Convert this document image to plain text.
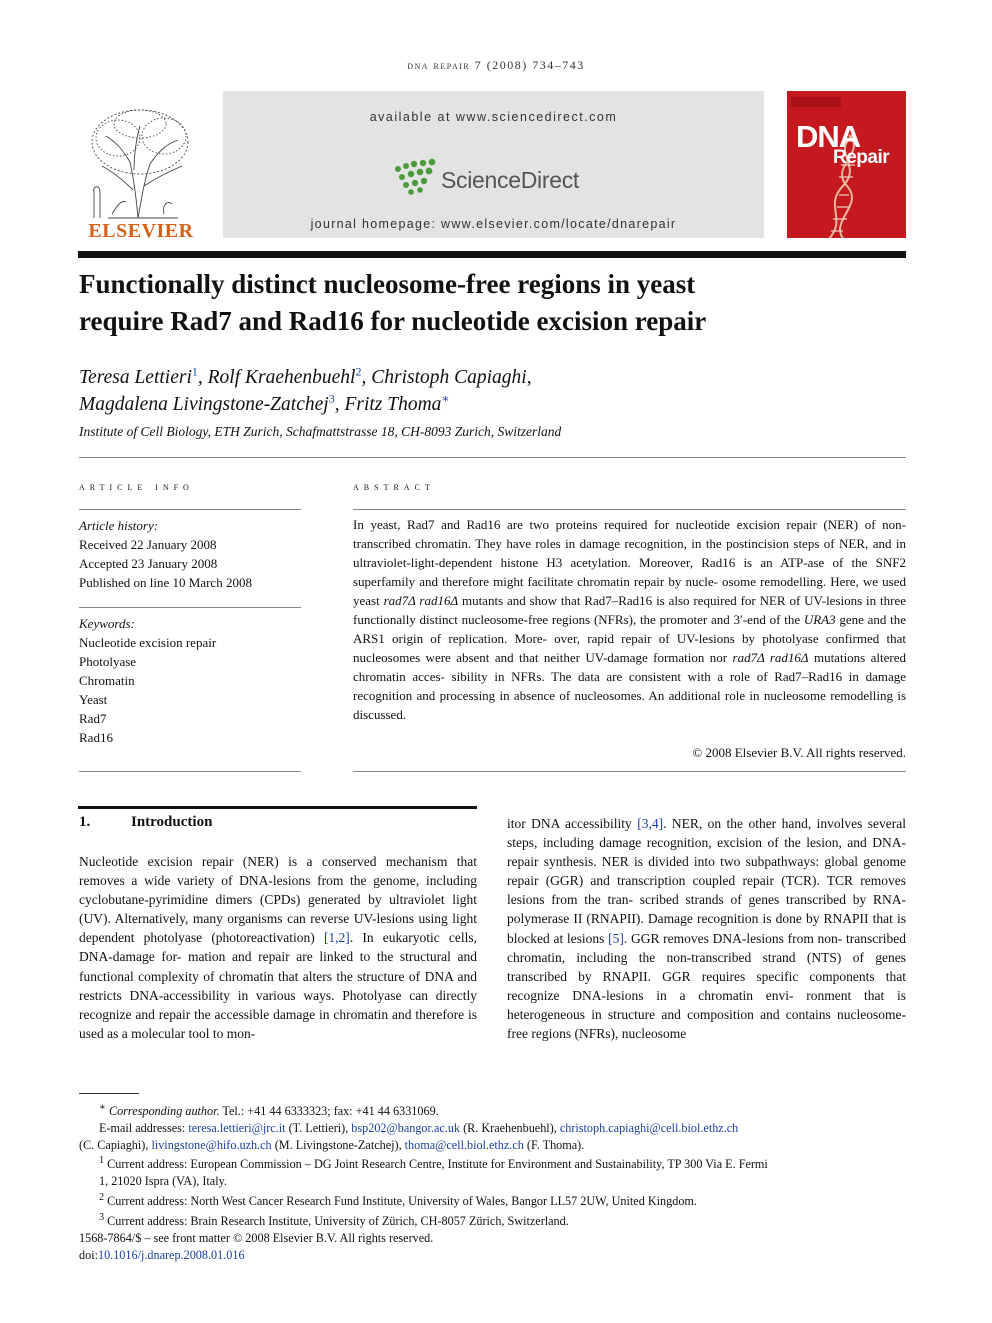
dna repair 7 (2008) 734–743
ELSEVIER
available at www.sciencedirect.com
ScienceDirect
journal homepage: www.elsevier.com/locate/dnarepair
DNA
Repair
Functionally distinct nucleosome-free regions in yeast
require Rad7 and Rad16 for nucleotide excision repair
Teresa Lettieri$^1$, Rolf Kraehenbuehl$^2$, Christoph Capiaghi,
Magdalena Livingstone-Zatchej$^3$, Fritz Thoma∗
Institute of Cell Biology, ETH Zurich, Schafmattstrasse 18, CH-8093 Zurich, Switzerland
article info
Article history:
Received 22 January 2008
Accepted 23 January 2008
Published on line 10 March 2008
Keywords:
Nucleotide excision repair
Photolyase
Chromatin
Yeast
Rad7
Rad16
abstract
In yeast, Rad7 and Rad16 are two proteins required for nucleotide excision repair (NER) of non-transcribed chromatin. They have roles in damage recognition, in the postincision steps of NER, and in ultraviolet-light-dependent histone H3 acetylation. Moreover, Rad16 is an ATP-ase of the SNF2 superfamily and therefore might facilitate chromatin repair by nucle- osome remodelling. Here, we used yeast rad7Δ rad16Δ mutants and show that Rad7–Rad16 is also required for NER of UV-lesions in three functionally distinct nucleosome-free regions (NFRs), the promoter and 3′-end of the URA3 gene and the ARS1 origin of replication. More- over, rapid repair of UV-lesions by photolyase confirmed that nucleosomes were absent and that neither UV-damage formation nor rad7Δ rad16Δ mutations altered chromatin acces- sibility in NFRs. The data are consistent with a role of Rad7–Rad16 in damage recognition and processing in absence of nucleosomes. An additional role in nucleosome remodelling is discussed.
© 2008 Elsevier B.V. All rights reserved.
1.	Introduction
Nucleotide excision repair (NER) is a conserved mechanism that removes a wide variety of DNA-lesions from the genome, including cyclobutane-pyrimidine dimers (CPDs) generated by ultraviolet light (UV). Alternatively, many organisms can reverse UV-lesions using light dependent photolyase (photoreactivation) [1,2]. In eukaryotic cells, DNA-damage for- mation and repair are linked to the structural and functional complexity of chromatin that alters the structure of DNA and restricts DNA-accessibility in various ways. Photolyase can directly recognize and repair the accessible damage in chromatin and therefore is used as a molecular tool to mon-
itor DNA accessibility [3,4]. NER, on the other hand, involves several steps, including damage recognition, excision of the lesion, and DNA-repair synthesis. NER is divided into two subpathways: global genome repair (GGR) and transcription coupled repair (TCR). TCR removes lesions from the tran- scribed strands of genes transcribed by RNA-polymerase II (RNAPII). Damage recognition is done by RNAPII that is blocked at lesions [5]. GGR removes DNA-lesions from non- transcribed chromatin, including the non-transcribed strand (NTS) of genes transcribed by RNAPII. GGR requires specific components that recognize DNA-lesions in a chromatin envi- ronment that is heterogeneous in structure and composition and contains nucleosome-free regions (NFRs), nucleosome
∗ Corresponding author. Tel.: +41 44 6333323; fax: +41 44 6331069.
E-mail addresses: teresa.lettieri@jrc.it (T. Lettieri), bsp202@bangor.ac.uk (R. Kraehenbuehl), christoph.capiaghi@cell.biol.ethz.ch
(C. Capiaghi), livingstone@hifo.uzh.ch (M. Livingstone-Zatchej), thoma@cell.biol.ethz.ch (F. Thoma).
$^1$ Current address: European Commission – DG Joint Research Centre, Institute for Environment and Sustainability, TP 300 Via E. Fermi
1, 21020 Ispra (VA), Italy.
$^2$ Current address: North West Cancer Research Fund Institute, University of Wales, Bangor LL57 2UW, United Kingdom.
$^3$ Current address: Brain Research Institute, University of Zürich, CH-8057 Zürich, Switzerland.
1568-7864/$ – see front matter © 2008 Elsevier B.V. All rights reserved.
doi:10.1016/j.dnarep.2008.01.016
